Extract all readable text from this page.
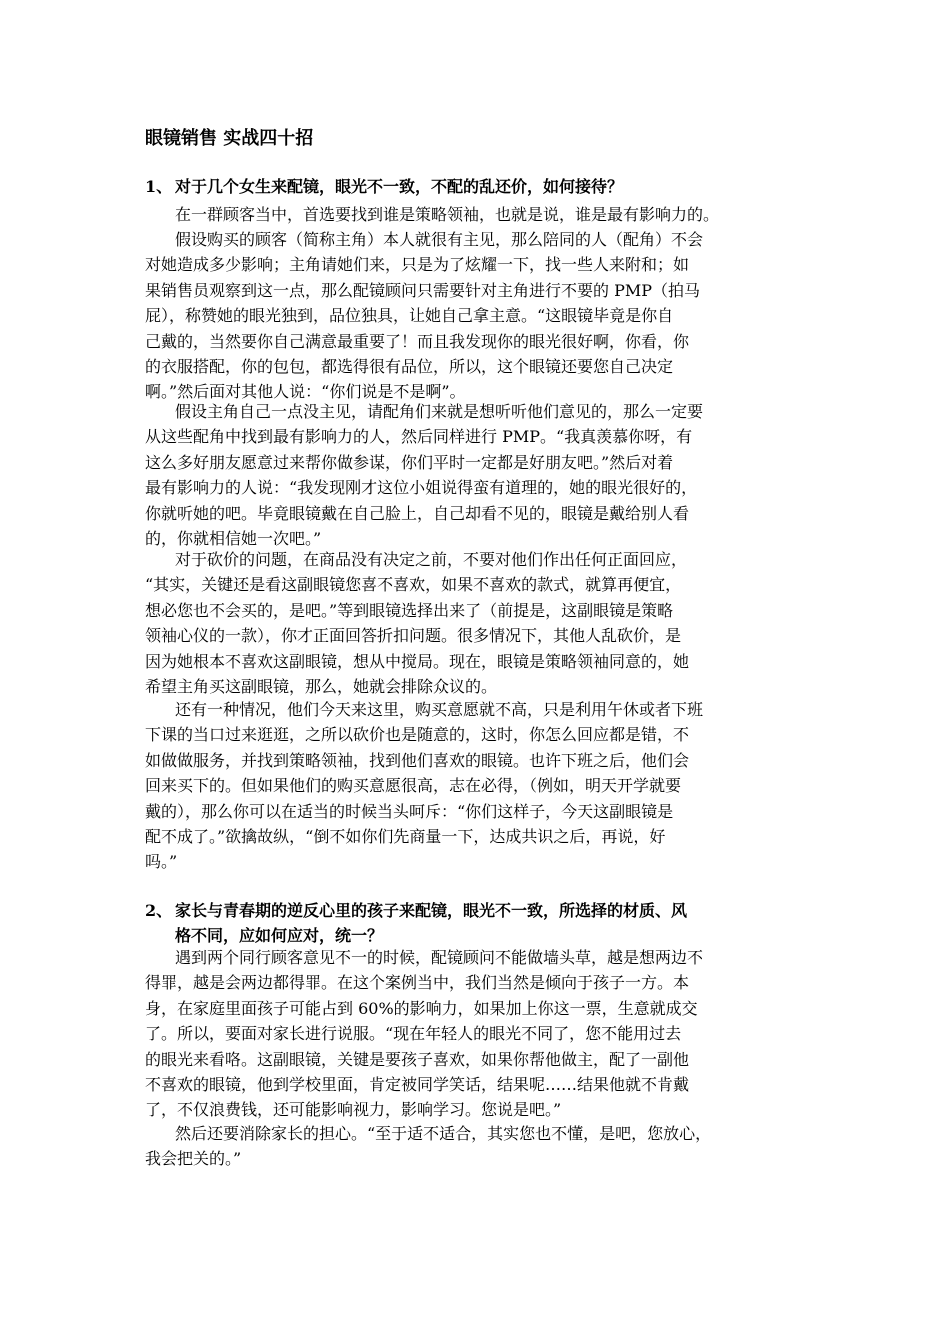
眼镜销售 实战四十招
1、 对于几个女生来配镜，眼光不一致，不配的乱还价，如何接待？
在一群顾客当中，首选要找到谁是策略领袖，也就是说，谁是最有影响力的。
假设购买的顾客（简称主角）本人就很有主见，那么陪同的人（配角）不会
对她造成多少影响；主角请她们来，只是为了炫耀一下，找一些人来附和；如
果销售员观察到这一点，那么配镜顾问只需要针对主角进行不要的 PMP（拍马
屁），称赞她的眼光独到，品位独具，让她自己拿主意。“这眼镜毕竟是你自
己戴的，当然要你自己满意最重要了！而且我发现你的眼光很好啊，你看，你
的衣服搭配，你的包包，都选得很有品位，所以，这个眼镜还要您自己决定
啊。”然后面对其他人说：“你们说是不是啊”。
假设主角自己一点没主见，请配角们来就是想听听他们意见的，那么一定要
从这些配角中找到最有影响力的人，然后同样进行 PMP。“我真羡慕你呀，有
这么多好朋友愿意过来帮你做参谋，你们平时一定都是好朋友吧。”然后对着
最有影响力的人说：“我发现刚才这位小姐说得蛮有道理的，她的眼光很好的，
你就听她的吧。毕竟眼镜戴在自己脸上，自己却看不见的，眼镜是戴给别人看
的，你就相信她一次吧。”
对于砍价的问题，在商品没有决定之前，不要对他们作出任何正面回应，
“其实，关键还是看这副眼镜您喜不喜欢，如果不喜欢的款式，就算再便宜，
想必您也不会买的，是吧。”等到眼镜选择出来了（前提是，这副眼镜是策略
领袖心仪的一款），你才正面回答折扣问题。很多情况下，其他人乱砍价，是
因为她根本不喜欢这副眼镜，想从中搅局。现在，眼镜是策略领袖同意的，她
希望主角买这副眼镜，那么，她就会排除众议的。
还有一种情况，他们今天来这里，购买意愿就不高，只是利用午休或者下班
下课的当口过来逛逛，之所以砍价也是随意的，这时，你怎么回应都是错，不
如做做服务，并找到策略领袖，找到他们喜欢的眼镜。也许下班之后，他们会
回来买下的。但如果他们的购买意愿很高，志在必得，（例如，明天开学就要
戴的），那么你可以在适当的时候当头呵斥：“你们这样子，今天这副眼镜是
配不成了。”欲擒故纵，“倒不如你们先商量一下，达成共识之后，再说，好
吗。”
2、 家长与青春期的逆反心里的孩子来配镜，眼光不一致，所选择的材质、风
格不同，应如何应对，统一？
遇到两个同行顾客意见不一的时候，配镜顾问不能做墙头草，越是想两边不
得罪，越是会两边都得罪。在这个案例当中，我们当然是倾向于孩子一方。本
身，在家庭里面孩子可能占到 60%的影响力，如果加上你这一票，生意就成交
了。所以，要面对家长进行说服。“现在年轻人的眼光不同了，您不能用过去
的眼光来看咯。这副眼镜，关键是要孩子喜欢，如果你帮他做主，配了一副他
不喜欢的眼镜，他到学校里面，肯定被同学笑话，结果呢……结果他就不肯戴
了，不仅浪费钱，还可能影响视力，影响学习。您说是吧。”
然后还要消除家长的担心。“至于适不适合，其实您也不懂，是吧，您放心，
我会把关的。”
